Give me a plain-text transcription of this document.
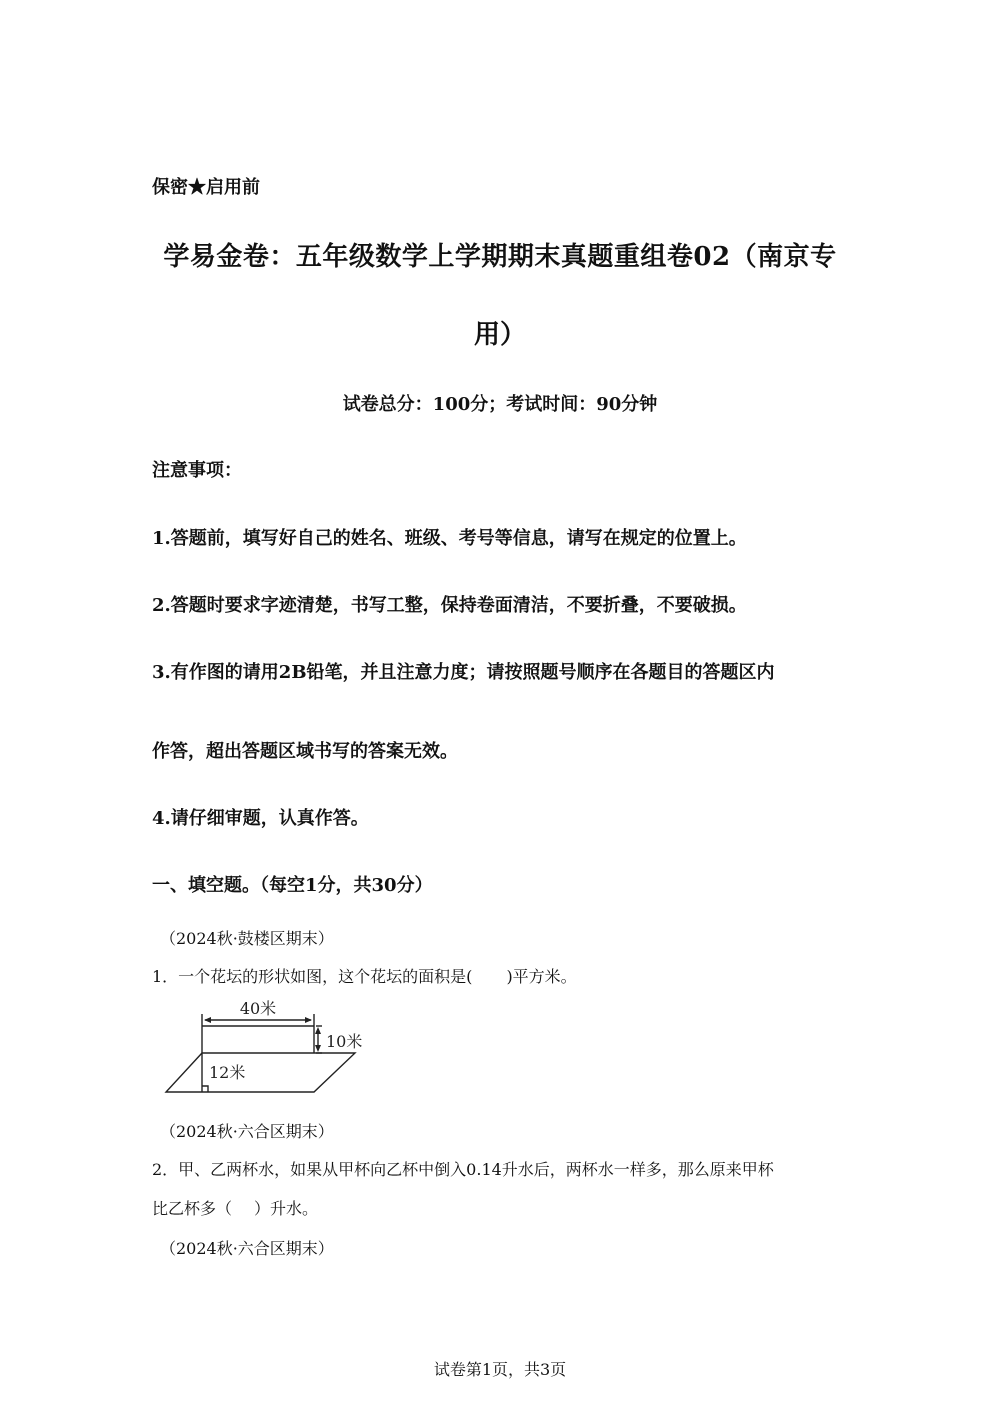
保密★启用前
学易金卷：五年级数学上学期期末真题重组卷02（南京专
用）
试卷总分：100分；考试时间：90分钟
注意事项：
1.答题前，填写好自己的姓名、班级、考号等信息，请写在规定的位置上。
2.答题时要求字迹清楚，书写工整，保持卷面清洁，不要折叠，不要破损。
3.有作图的请用2B铅笔，并且注意力度；请按照题号顺序在各题目的答题区内
作答，超出答题区域书写的答案无效。
4.请仔细审题，认真作答。
一、填空题。（每空1分，共30分）
（2024秋·鼓楼区期末）
1．一个花坛的形状如图，这个花坛的面积是( )平方米。
40米
10米
12米
（2024秋·六合区期末）
2．甲、乙两杯水，如果从甲杯向乙杯中倒入0.14升水后，两杯水一样多，那么原来甲杯
比乙杯多（ ）升水。
（2024秋·六合区期末）
试卷第1页，共3页
